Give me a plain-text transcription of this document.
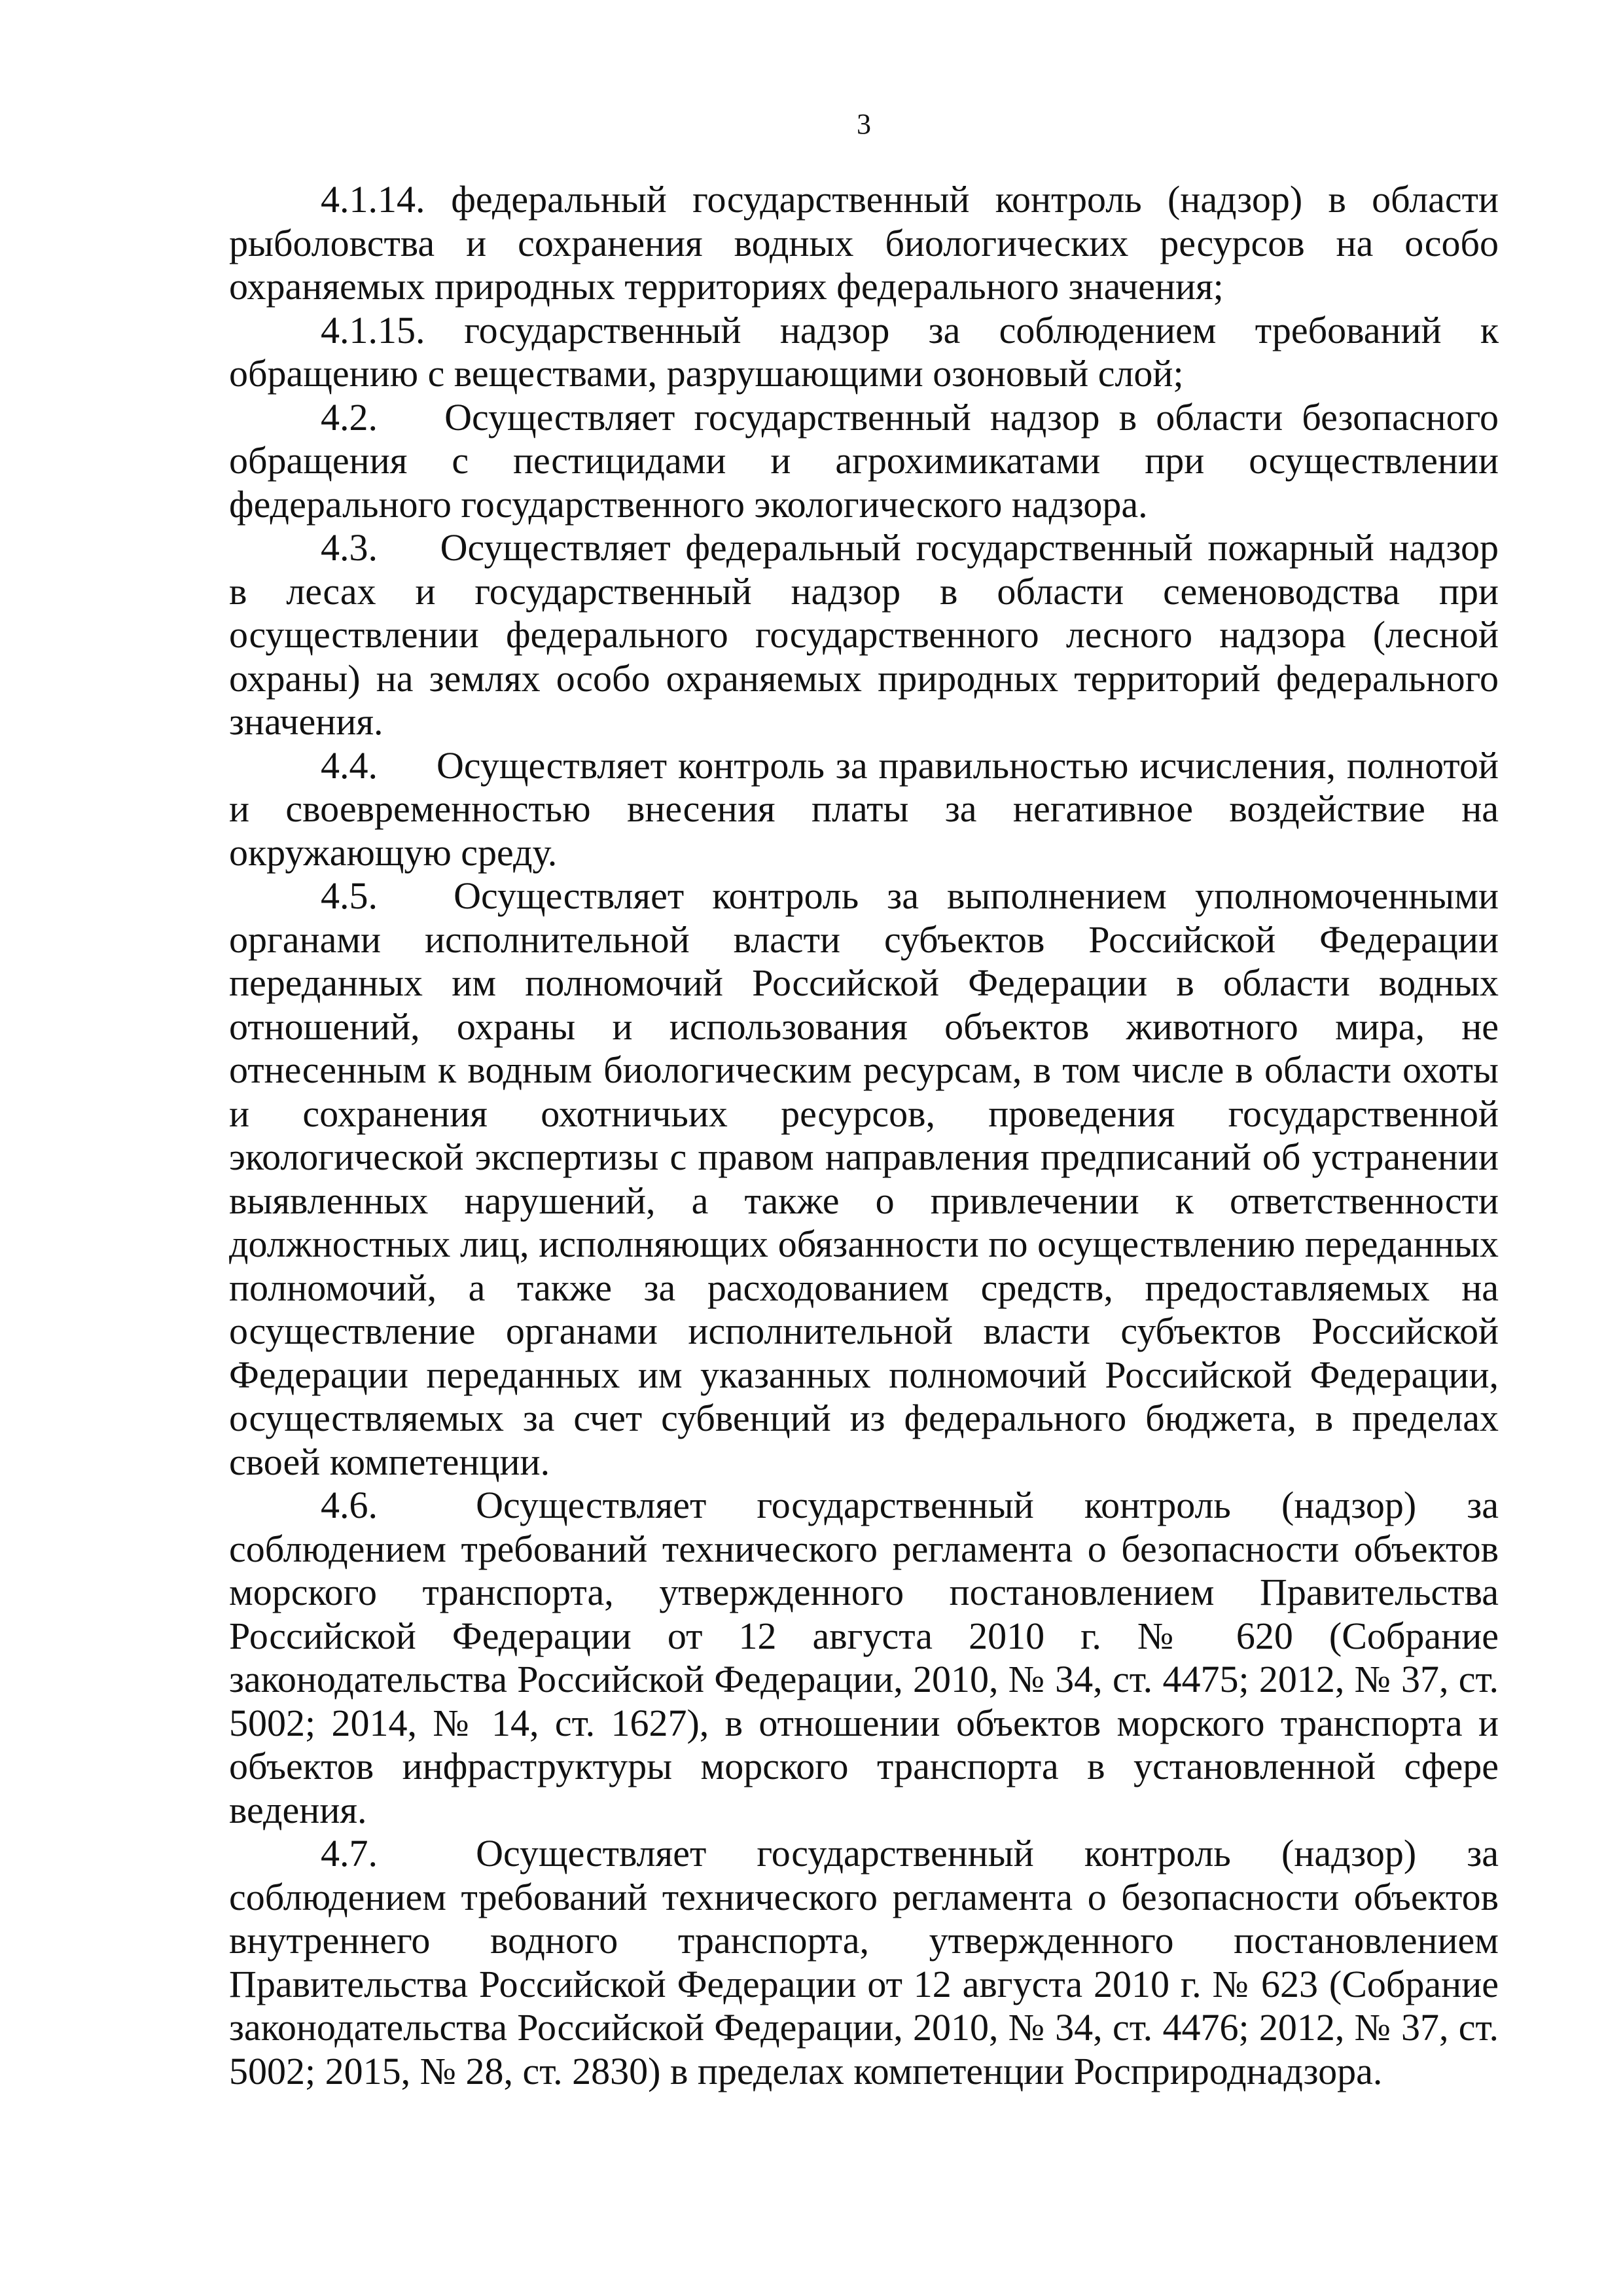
3

4.1.14. федеральный государственный контроль (надзор) в области рыболовства и сохранения водных биологических ресурсов на особо охраняемых природных территориях федерального значения;

4.1.15. государственный надзор за соблюдением требований к обращению с веществами, разрушающими озоновый слой;

4.2. Осуществляет государственный надзор в области безопасного обращения с пестицидами и агрохимикатами при осуществлении федерального государственного экологического надзора.

4.3. Осуществляет федеральный государственный пожарный надзор в лесах и государственный надзор в области семеноводства при осуществлении федерального государственного лесного надзора (лесной охраны) на землях особо охраняемых природных территорий федерального значения.

4.4. Осуществляет контроль за правильностью исчисления, полнотой и своевременностью внесения платы за негативное воздействие на окружающую среду.

4.5. Осуществляет контроль за выполнением уполномоченными органами исполнительной власти субъектов Российской Федерации переданных им полномочий Российской Федерации в области водных отношений, охраны и использования объектов животного мира, не отнесенным к водным биологическим ресурсам, в том числе в области охоты и сохранения охотничьих ресурсов, проведения государственной экологической экспертизы с правом направления предписаний об устранении выявленных нарушений, а также о привлечении к ответственности должностных лиц, исполняющих обязанности по осуществлению переданных полномочий, а также за расходованием средств, предоставляемых на осуществление органами исполнительной власти субъектов Российской Федерации переданных им указанных полномочий Российской Федерации, осуществляемых за счет субвенций из федерального бюджета, в пределах своей компетенции.

4.6.	Осуществляет государственный контроль (надзор) за соблюдением требований технического регламента о безопасности объектов морского транспорта, утвержденного постановлением Правительства Российской Федерации от 12 августа 2010 г. № 620 (Собрание законодательства Российской Федерации, 2010, № 34, ст. 4475; 2012, № 37, ст. 5002; 2014, № 14, ст. 1627), в отношении объектов морского транспорта и объектов инфраструктуры морского транспорта в установленной сфере ведения.

4.7.	Осуществляет государственный контроль (надзор) за соблюдением требований технического регламента о безопасности объектов внутреннего водного транспорта, утвержденного постановлением Правительства Российской Федерации от 12 августа 2010 г. № 623 (Собрание законодательства Российской Федерации, 2010, № 34, ст. 4476; 2012, № 37, ст. 5002; 2015, № 28, ст. 2830) в пределах компетенции Росприроднадзора.
